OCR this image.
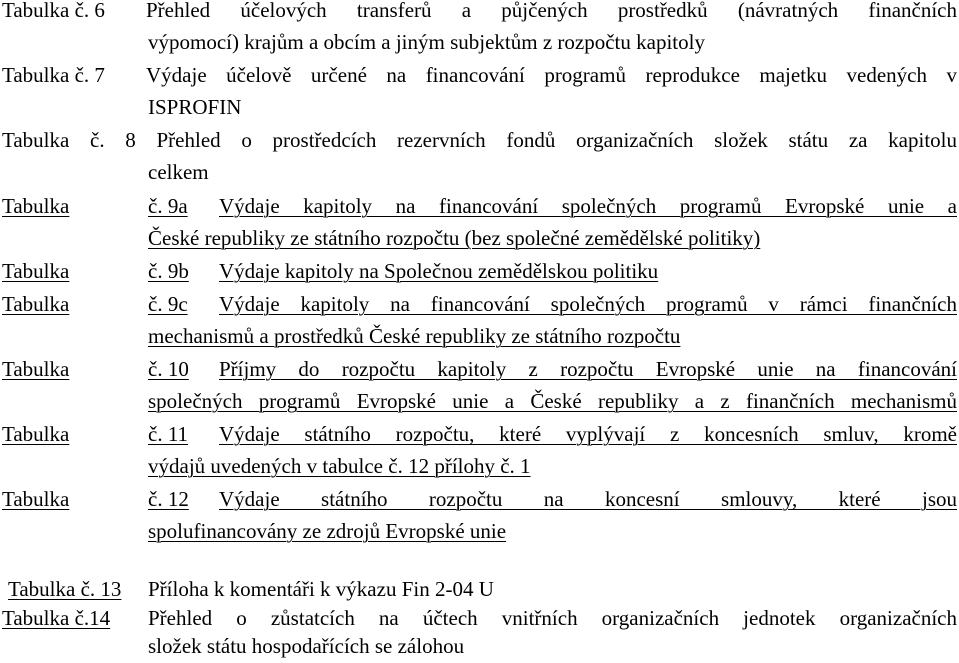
Tabulka č. 6 Přehled účelových transferů a půjčených prostředků (návratných finančních
výpomocí) krajům a obcím a jiným subjektům z rozpočtu kapitoly
Tabulka č. 7 Výdaje účelově určené na financování programů reprodukce majetku vedených v
ISPROFIN
Tabulka č. 8 Přehled o prostředcích rezervních fondů organizačních složek státu za kapitolu
celkem
Tabulka	č. 9a Výdaje kapitoly na financování společných programů Evropské unie a
České republiky ze státního rozpočtu (bez společné zemědělské politiky)
Tabulka	č. 9b Výdaje kapitoly na Společnou zemědělskou politiku
Tabulka	č. 9c Výdaje kapitoly na financování společných programů v rámci finančních
mechanismů a prostředků České republiky ze státního rozpočtu
Tabulka	č. 10 Příjmy do rozpočtu kapitoly z rozpočtu Evropské unie na financování
společných programů Evropské unie a České republiky a z finančních mechanismů
Tabulka	č. 11 Výdaje státního rozpočtu, které vyplývají z koncesních smluv, kromě
výdajů uvedených v tabulce č. 12 přílohy č. 1
Tabulka	č. 12 Výdaje státního rozpočtu na koncesní smlouvy, které jsou
spolufinancovány ze zdrojů Evropské unie
Tabulka č. 13 Příloha k komentáři k výkazu Fin 2-04 U
Tabulka č.14 Přehled o zůstatcích na účtech vnitřních organizačních jednotek organizačních
složek státu hospodařících se zálohou
